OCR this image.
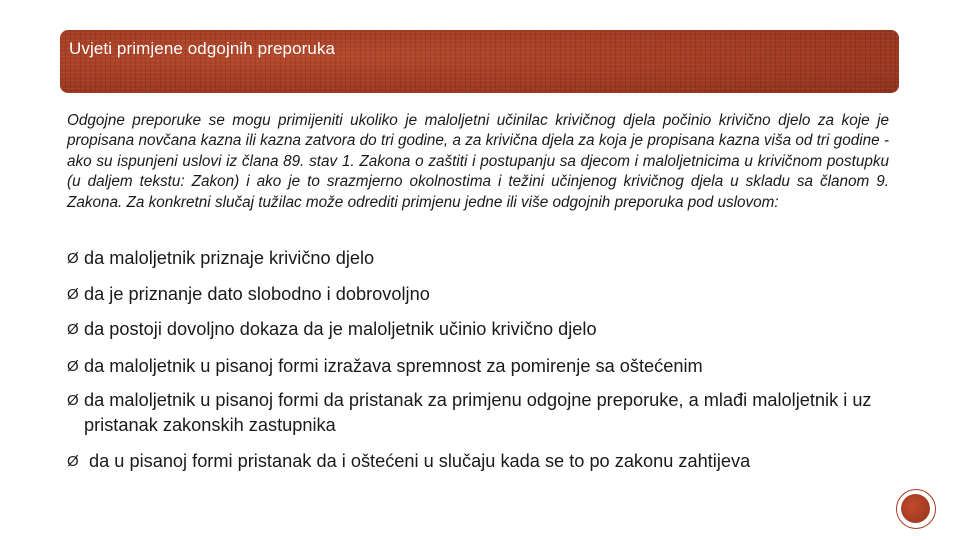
Uvjeti primjene odgojnih preporuka

Odgojne preporuke se mogu primijeniti ukoliko je maloljetni učinilac krivičnog djela počinio krivično djelo za koje je propisana novčana kazna ili kazna zatvora do tri godine, a za krivična djela za koja je propisana kazna viša od tri godine - ako su ispunjeni uslovi iz člana 89. stav 1. Zakona o zaštiti i postupanju sa djecom i maloljetnicima u krivičnom postupku (u daljem tekstu: Zakon) i ako je to srazmjerno okolnostima i težini učinjenog krivičnog djela u skladu sa članom 9. Zakona. Za konkretni slučaj tužilac može odrediti primjenu jedne ili više odgojnih preporuka pod uslovom:

Ø da maloljetnik priznaje krivično djelo
Ø da je priznanje dato slobodno i dobrovoljno
Ø da postoji dovoljno dokaza da je maloljetnik učinio krivično djelo
Ø da maloljetnik u pisanoj formi izražava spremnost za pomirenje sa oštećenim
Ø da maloljetnik u pisanoj formi da pristanak za primjenu odgojne preporuke, a mlađi maloljetnik i uz pristanak zakonskih zastupnika
Ø da u pisanoj formi pristanak da i oštećeni u slučaju kada se to po zakonu zahtijeva
